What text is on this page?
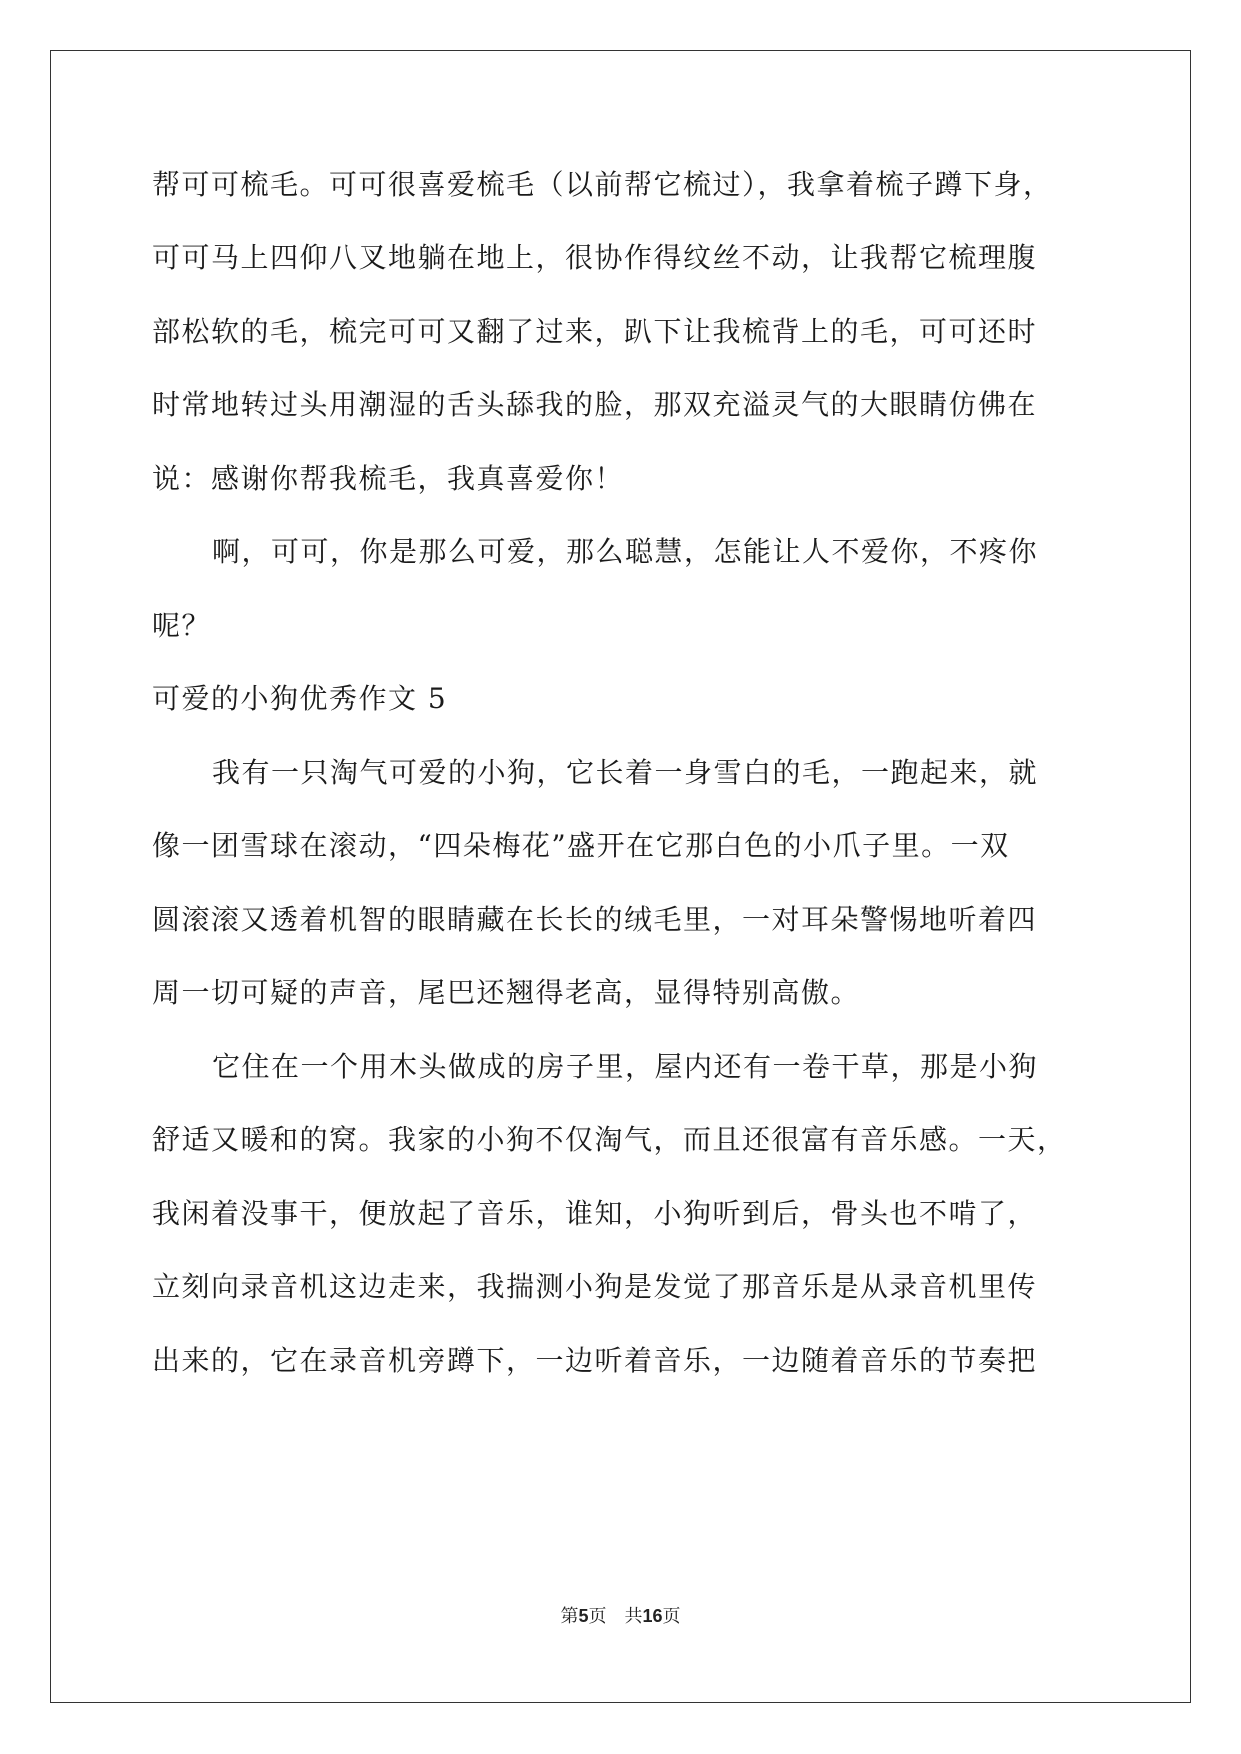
帮可可梳毛。可可很喜爱梳毛（以前帮它梳过），我拿着梳子蹲下身，
可可马上四仰八叉地躺在地上，很协作得纹丝不动，让我帮它梳理腹
部松软的毛，梳完可可又翻了过来，趴下让我梳背上的毛，可可还时
时常地转过头用潮湿的舌头舔我的脸，那双充溢灵气的大眼睛仿佛在
说：感谢你帮我梳毛，我真喜爱你！
啊，可可，你是那么可爱，那么聪慧，怎能让人不爱你，不疼你
呢？
可爱的小狗优秀作文 5
我有一只淘气可爱的小狗，它长着一身雪白的毛，一跑起来，就
像一团雪球在滚动，“四朵梅花”盛开在它那白色的小爪子里。一双
圆滚滚又透着机智的眼睛藏在长长的绒毛里，一对耳朵警惕地听着四
周一切可疑的声音，尾巴还翘得老高，显得特别高傲。
它住在一个用木头做成的房子里，屋内还有一卷干草，那是小狗
舒适又暖和的窝。我家的小狗不仅淘气，而且还很富有音乐感。一天，
我闲着没事干，便放起了音乐，谁知，小狗听到后，骨头也不啃了，
立刻向录音机这边走来，我揣测小狗是发觉了那音乐是从录音机里传
出来的，它在录音机旁蹲下，一边听着音乐，一边随着音乐的节奏把
第5页 共16页
